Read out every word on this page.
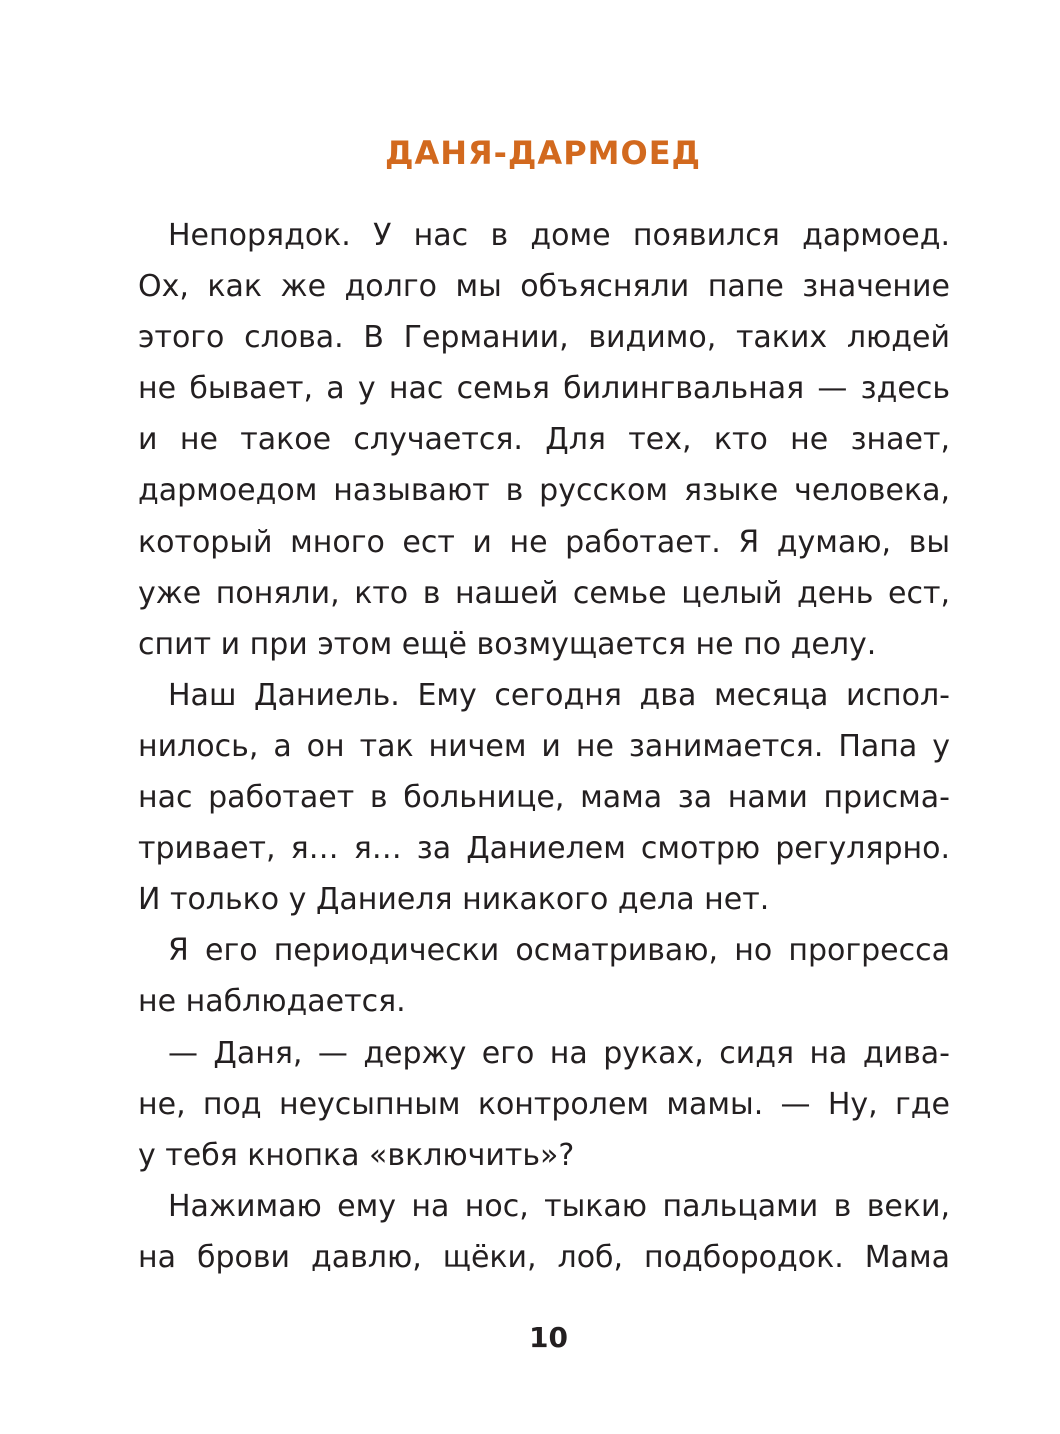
ДАНЯ-ДАРМОЕД

Непорядок. У нас в доме появился дармоед.

Ох, как же долго мы объясняли папе значение

этого слова. В Германии, видимо, таких людей

не бывает, а у нас семья билингвальная — здесь

и не такое случается. Для тех, кто не знает,

дармоедом называют в русском языке человека,

который много ест и не работает. Я думаю, вы

уже поняли, кто в нашей семье целый день ест,

спит и при этом ещё возмущается не по делу.

Наш Даниель. Ему сегодня два месяца испол-

нилось, а он так ничем и не занимается. Папа у

нас работает в больнице, мама за нами присма-

тривает, я… я… за Даниелем смотрю регулярно.

И только у Даниеля никакого дела нет.

Я его периодически осматриваю, но прогресса

не наблюдается.

— Даня, — держу его на руках, сидя на дива-

не, под неусыпным контролем мамы. — Ну, где

у тебя кнопка «включить»?

Нажимаю ему на нос, тыкаю пальцами в веки,

на брови давлю, щёки, лоб, подбородок. Мама

10
